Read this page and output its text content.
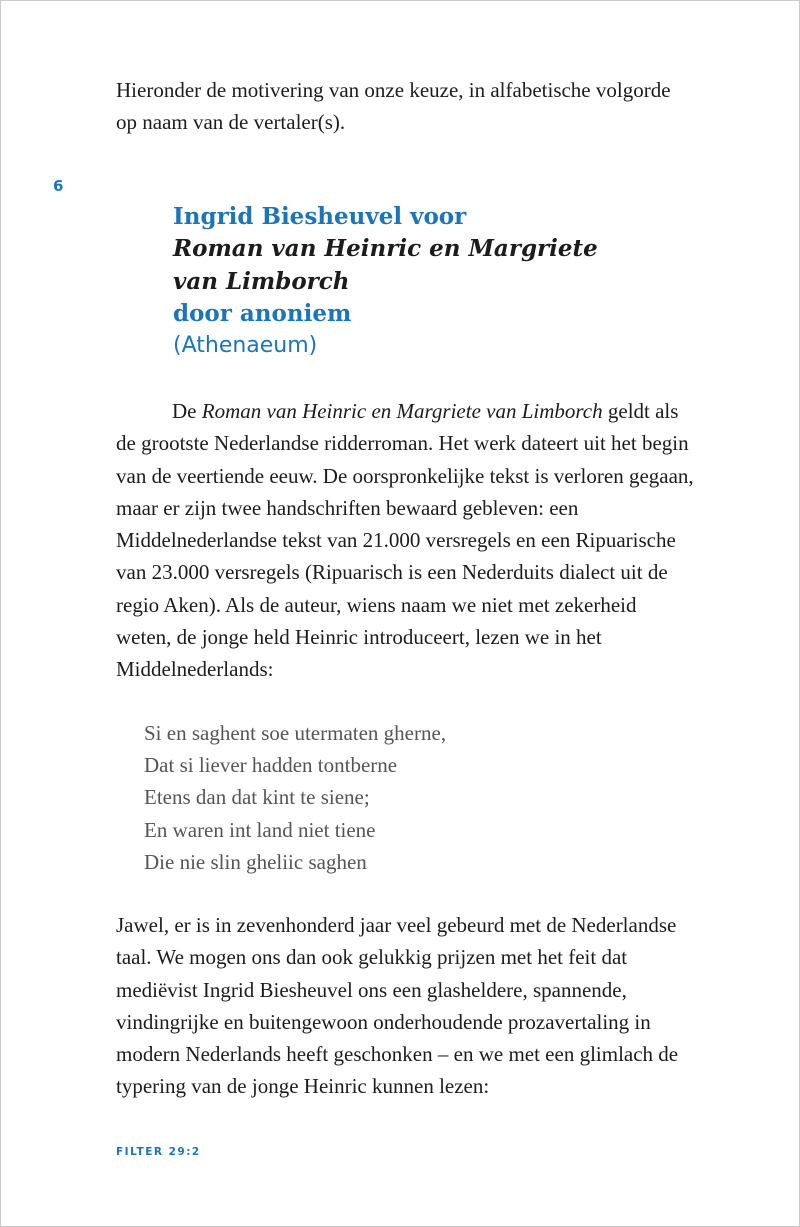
Hieronder de motivering van onze keuze, in alfabetische volgorde op naam van de vertaler(s).

6
Ingrid Biesheuvel voor
Roman van Heinric en Margriete
van Limborch
door anoniem
(Athenaeum)

De Roman van Heinric en Margriete van Limborch geldt als de grootste Nederlandse ridderroman. Het werk dateert uit het begin van de veertiende eeuw. De oorspronkelijke tekst is verloren gegaan, maar er zijn twee handschriften bewaard gebleven: een Middelnederlandse tekst van 21.000 versregels en een Ripuarische van 23.000 versregels (Ripuarisch is een Nederduits dialect uit de regio Aken). Als de auteur, wiens naam we niet met zekerheid weten, de jonge held Heinric introduceert, lezen we in het Middelnederlands:

Si en saghent soe utermaten gherne,
Dat si liever hadden tontberne
Etens dan dat kint te siene;
En waren int land niet tiene
Die nie slin gheliic saghen

Jawel, er is in zevenhonderd jaar veel gebeurd met de Nederlandse taal. We mogen ons dan ook gelukkig prijzen met het feit dat mediëvist Ingrid Biesheuvel ons een glasheldere, spannende, vindingrijke en buitengewoon onderhoudende prozavertaling in modern Nederlands heeft geschonken – en we met een glimlach de typering van de jonge Heinric kunnen lezen:

FILTER 29:2
